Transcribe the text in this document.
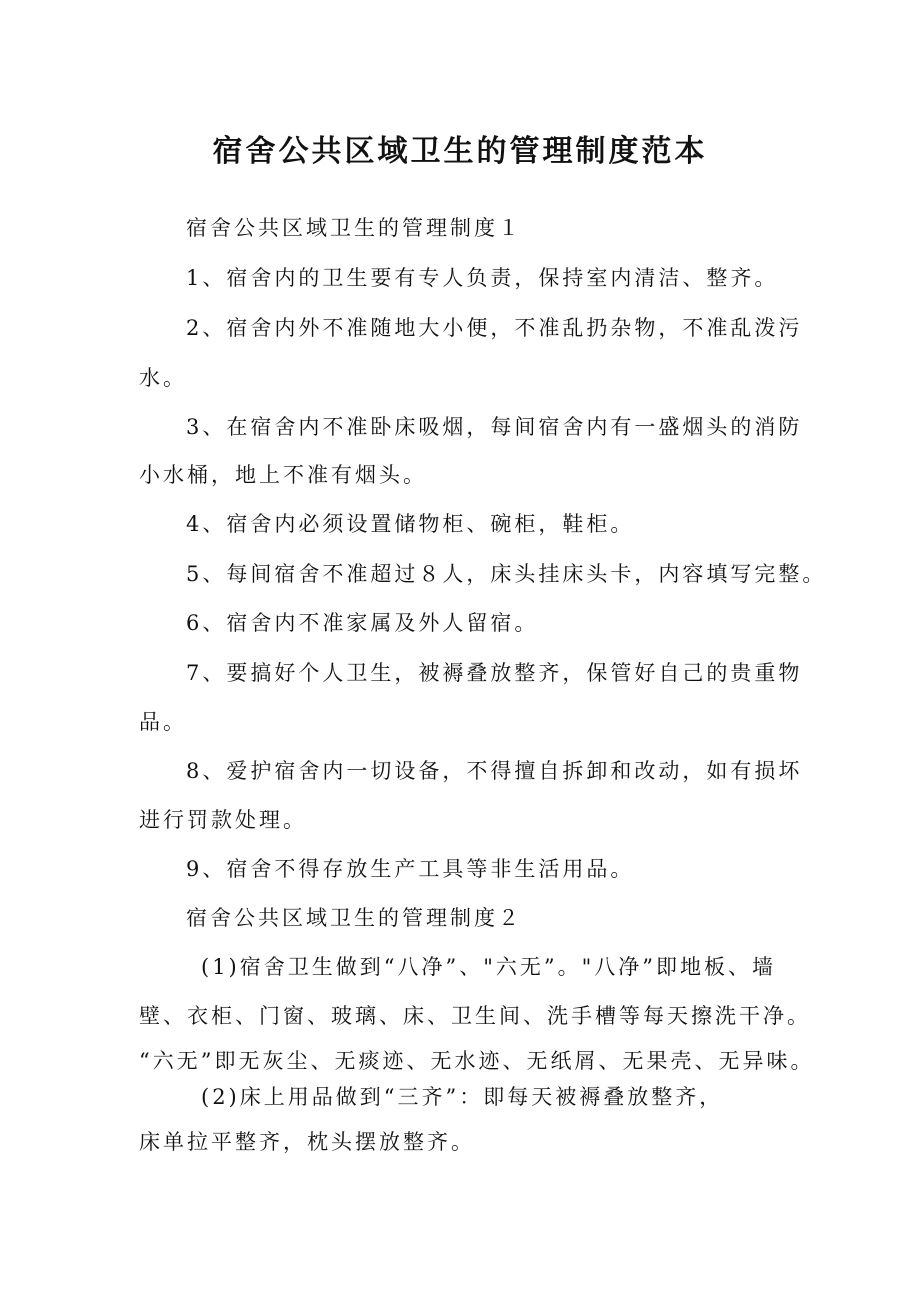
宿舍公共区域卫生的管理制度范本

宿舍公共区域卫生的管理制度１

1、宿舍内的卫生要有专人负责，保持室内清洁、整齐。

2、宿舍内外不准随地大小便，不准乱扔杂物，不准乱泼污

水。

3、在宿舍内不准卧床吸烟，每间宿舍内有一盛烟头的消防

小水桶，地上不准有烟头。

4、宿舍内必须设置储物柜、碗柜，鞋柜。

5、每间宿舍不准超过８人，床头挂床头卡，内容填写完整。

6、宿舍内不准家属及外人留宿。

7、要搞好个人卫生，被褥叠放整齐，保管好自己的贵重物

品。

8、爱护宿舍内一切设备，不得擅自拆卸和改动，如有损坏

进行罚款处理。

9、宿舍不得存放生产工具等非生活用品。

宿舍公共区域卫生的管理制度２

(1)宿舍卫生做到“八净”、"六无”。"八净”即地板、墙

壁、衣柜、门窗、玻璃、床、卫生间、洗手槽等每天擦洗干净。

“六无”即无灰尘、无痰迹、无水迹、无纸屑、无果壳、无异味。

(2)床上用品做到“三齐”：即每天被褥叠放整齐，

床单拉平整齐，枕头摆放整齐。
